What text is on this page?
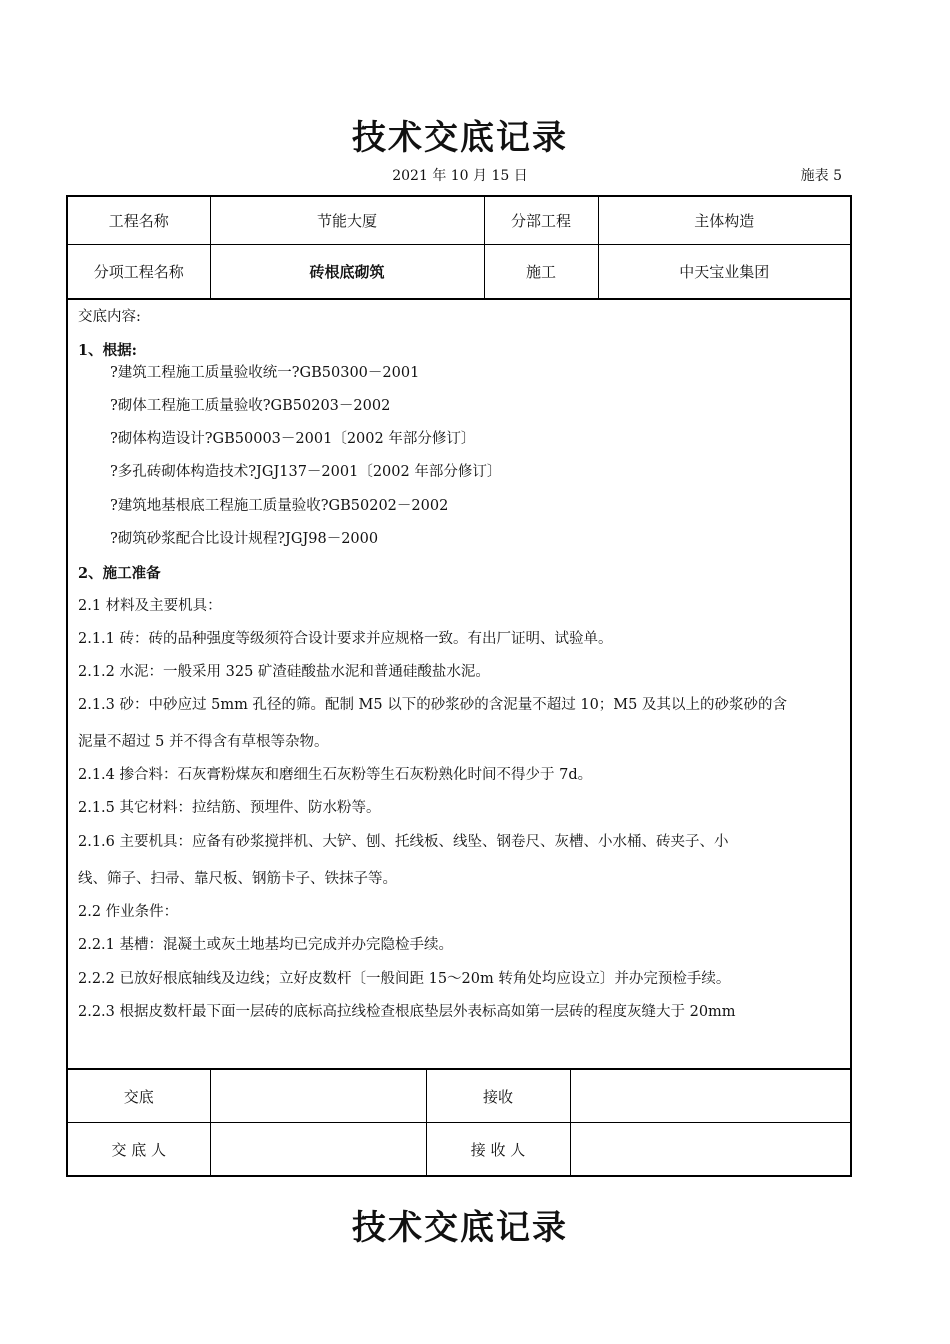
技术交底记录
2021 年 10 月 15 日	施表 5
工程名称	节能大厦	分部工程	主体构造
分项工程名称	砖根底砌筑	施工	中天宝业集团
交底内容:
1、根据:
?建筑工程施工质量验收统一?GB50300－2001
?砌体工程施工质量验收?GB50203－2002
?砌体构造设计?GB50003－2001〔2002 年部分修订〕
?多孔砖砌体构造技术?JGJ137－2001〔2002 年部分修订〕
?建筑地基根底工程施工质量验收?GB50202－2002
?砌筑砂浆配合比设计规程?JGJ98－2000
2、施工准备
2.1 材料及主要机具：
2.1.1 砖：砖的品种强度等级须符合设计要求并应规格一致。有出厂证明、试验单。
2.1.2 水泥：一般采用 325 矿渣硅酸盐水泥和普通硅酸盐水泥。
2.1.3 砂：中砂应过 5mm 孔径的筛。配制 M5 以下的砂浆砂的含泥量不超过 10；M5 及其以上的砂浆砂的含
泥量不超过 5 并不得含有草根等杂物。
2.1.4 掺合料：石灰膏粉煤灰和磨细生石灰粉等生石灰粉熟化时间不得少于 7d。
2.1.5 其它材料：拉结筋、预埋件、防水粉等。
2.1.6 主要机具：应备有砂浆搅拌机、大铲、刨、托线板、线坠、钢卷尺、灰槽、小水桶、砖夹子、小
线、筛子、扫帚、靠尺板、钢筋卡子、铁抹子等。
2.2 作业条件：
2.2.1 基槽：混凝土或灰土地基均已完成并办完隐检手续。
2.2.2 已放好根底轴线及边线；立好皮数杆〔一般间距 15～20m 转角处均应设立〕并办完预检手续。
2.2.3 根据皮数杆最下面一层砖的底标高拉线检查根底垫层外表标高如第一层砖的程度灰缝大于 20mm
交底		接收	
交 底 人		接 收 人	
技术交底记录
